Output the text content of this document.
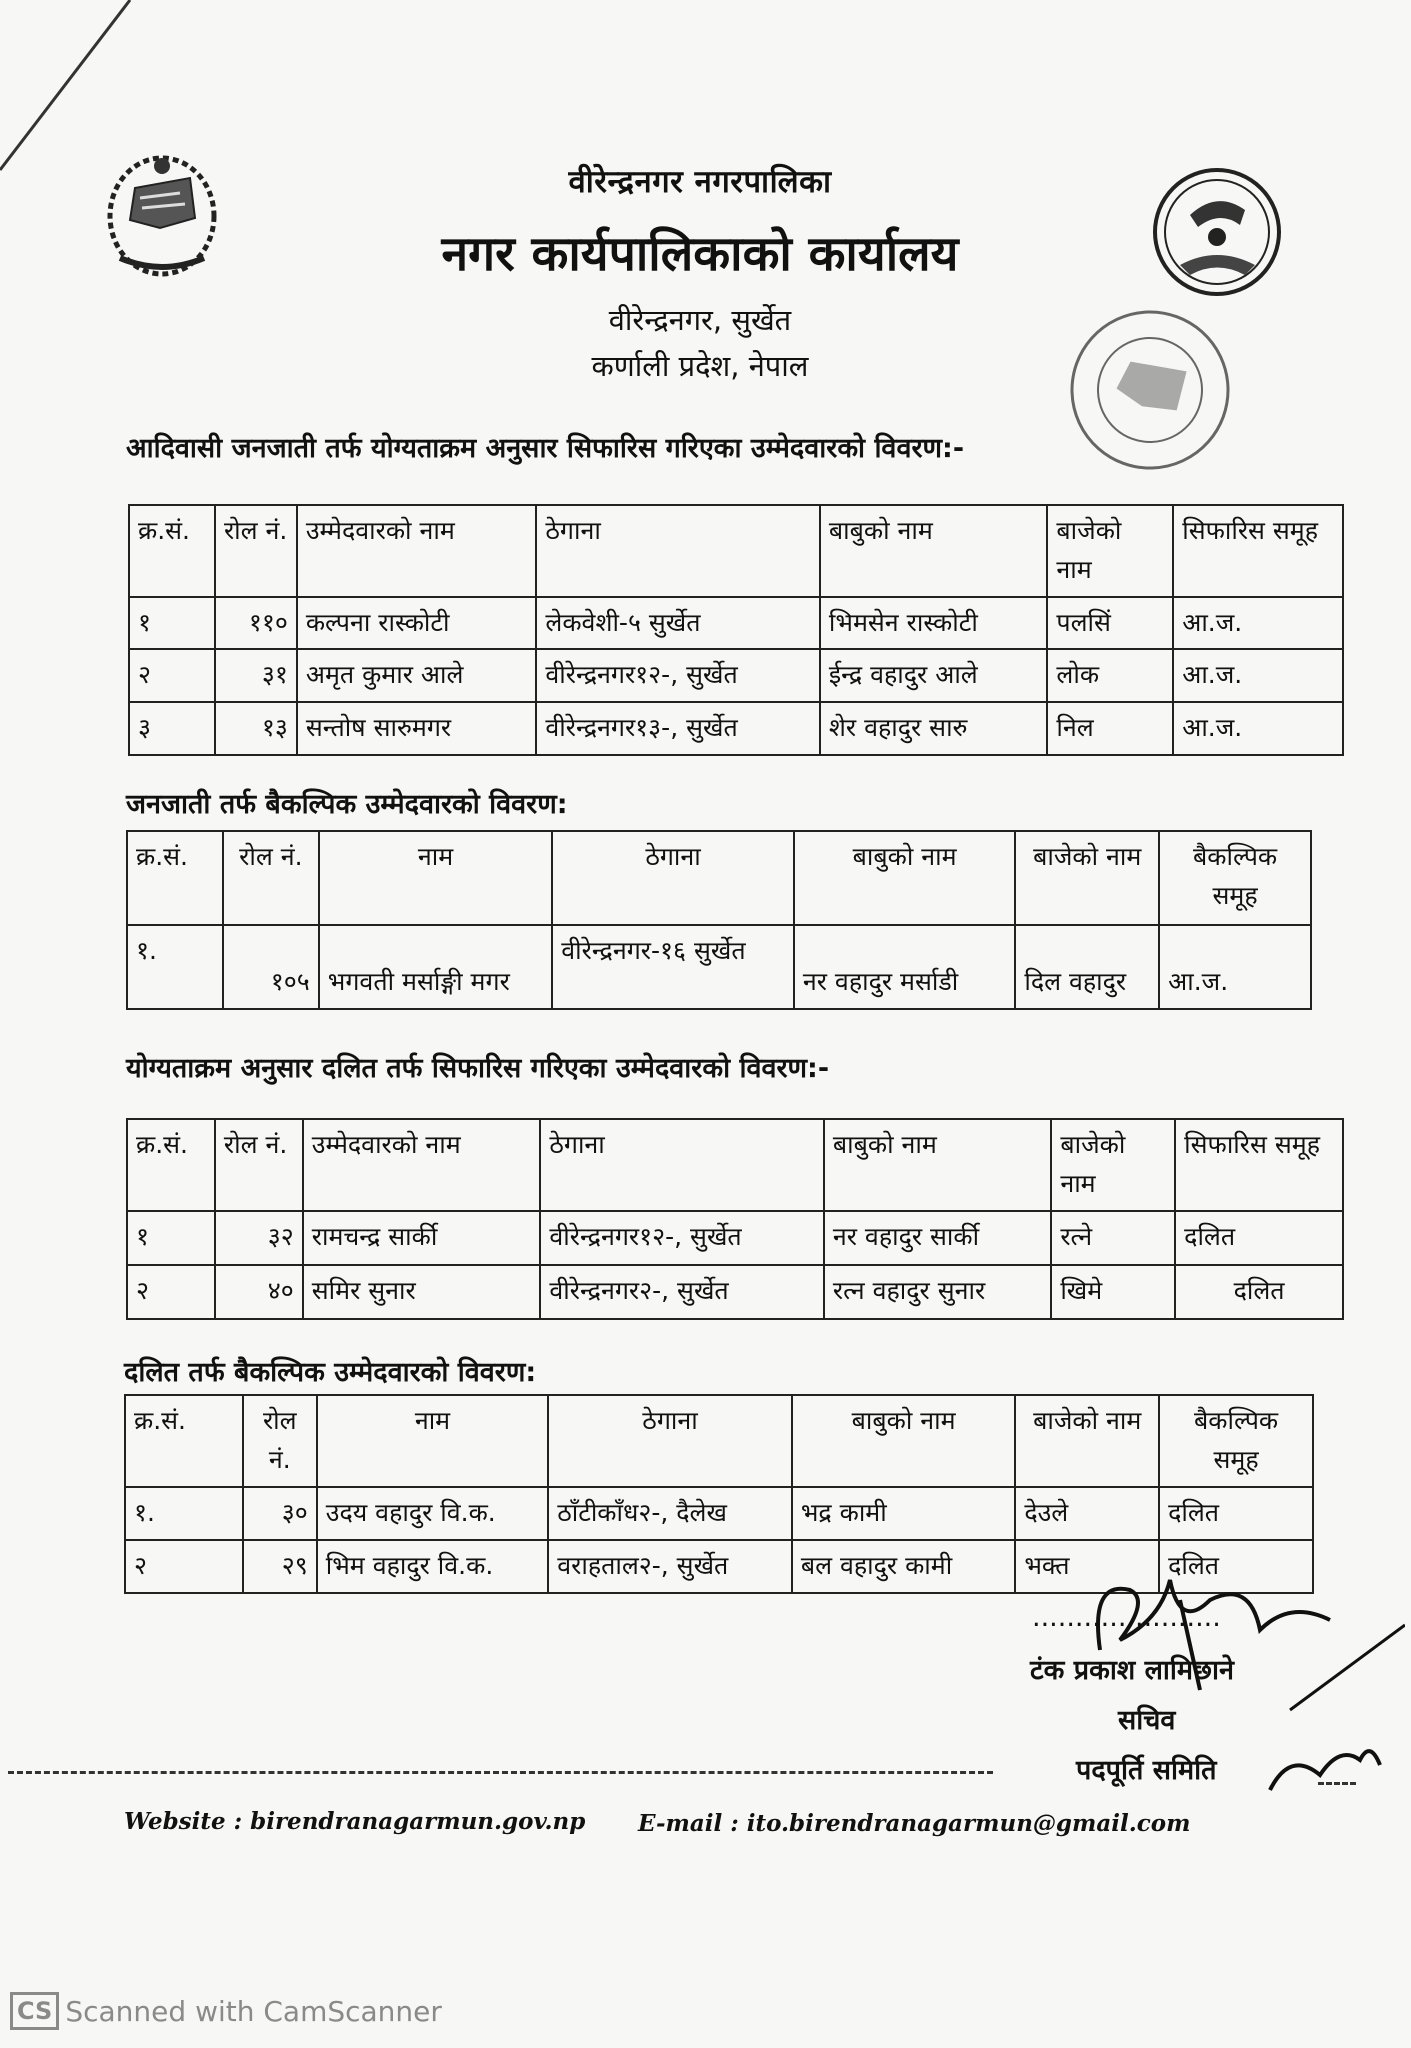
वीरेन्द्रनगर नगरपालिका
नगर कार्यपालिकाको कार्यालय
वीरेन्द्रनगर, सुर्खेत
कर्णाली प्रदेश, नेपाल
आदिवासी जनजाती तर्फ योग्यताक्रम अनुसार सिफारिस गरिएका उम्मेदवारको विवरण:-
क्र.सं.	रोल नं.	उम्मेदवारको नाम	ठेगाना	बाबुको नाम	बाजेको नाम	सिफारिस समूह
१	११०	कल्पना रास्कोटी	लेकवेशी-५ सुर्खेत	भिमसेन रास्कोटी	पलसिं	आ.ज.
२	३१	अमृत कुमार आले	वीरेन्द्रनगर१२-, सुर्खेत	ईन्द्र वहादुर आले	लोक	आ.ज.
३	१३	सन्तोष सारुमगर	वीरेन्द्रनगर१३-, सुर्खेत	शेर वहादुर सारु	निल	आ.ज.
जनजाती तर्फ बैकल्पिक उम्मेदवारको विवरण:
क्र.सं.	रोल नं.	नाम	ठेगाना	बाबुको नाम	बाजेको नाम	बैकल्पिक समूह
१.	१०५	भगवती मर्साङ्गी मगर	वीरेन्द्रनगर-१६ सुर्खेत	नर वहादुर मर्साडी	दिल वहादुर	आ.ज.
योग्यताक्रम अनुसार दलित तर्फ सिफारिस गरिएका उम्मेदवारको विवरण:-
क्र.सं.	रोल नं.	उम्मेदवारको नाम	ठेगाना	बाबुको नाम	बाजेको नाम	सिफारिस समूह
१	३२	रामचन्द्र सार्की	वीरेन्द्रनगर१२-, सुर्खेत	नर वहादुर सार्की	रत्ने	दलित
२	४०	समिर सुनार	वीरेन्द्रनगर२-, सुर्खेत	रत्न वहादुर सुनार	खिमे	दलित
दलित तर्फ बैकल्पिक उम्मेदवारको विवरण:
क्र.सं.	रोल नं.	नाम	ठेगाना	बाबुको नाम	बाजेको नाम	बैकल्पिक समूह
१.	३०	उदय वहादुर वि.क.	ठाँटीकाँध२-, दैलेख	भद्र कामी	देउले	दलित
२	२९	भिम वहादुर वि.क.	वराहताल२-, सुर्खेत	बल वहादुर कामी	भक्त	दलित
......................
टंक प्रकाश लामिछाने
सचिव
पदपूर्ति समिति
Website : birendranagarmun.gov.np E-mail : ito.birendranagarmun@gmail.com
CS Scanned with CamScanner
